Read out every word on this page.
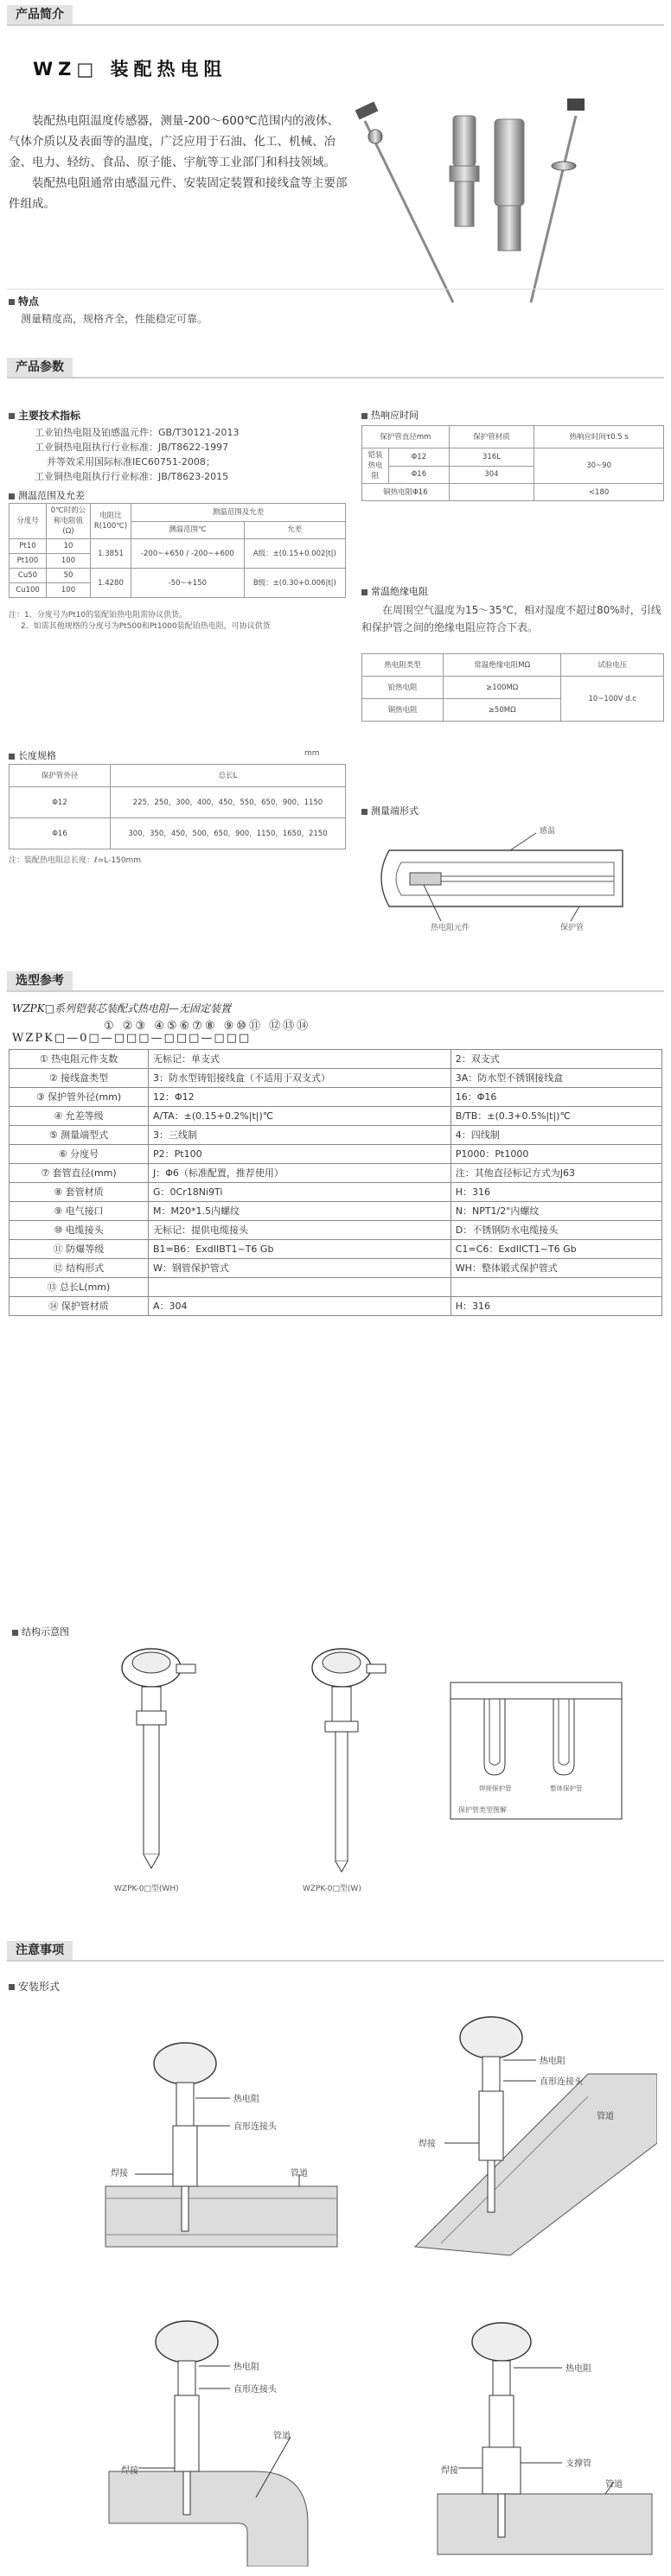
产品简介
WZ□ 装配热电阻

装配热电阻温度传感器，测量-200～600℃范围内的液体、气体介质以及表面等的温度，广泛应用于石油、化工、机械、冶金、电力、轻纺、食品、原子能、宇航等工业部门和科技领域。

装配热电阻通常由感温元件、安装固定装置和接线盒等主要部件组成。

特点
测量精度高，规格齐全，性能稳定可靠。
产品参数
主要技术指标
工业铂热电阻及铂感温元件：GB/T30121-2013
工业铜热电阻执行行业标准：JB/T8622-1997
并等效采用国际标准IEC60751-2008；
工业铜热电阻执行行业标准：JB/T8623-2015
测温范围及允差
分度号	0℃时的公称电阻值(Ω)	电阻比R(100℃)	测温范围及允差	
			测温范围℃	允差
Pt10	10	1.3851	-200~+650 / -200~+600	A级：±(0.15+0.002|t|)
Pt100	100			
Cu50	50	1.4280	-50~+150	B级：±(0.30+0.006|t|)
Cu100	100			
注：1、分度号为Pt10的装配铂热电阻需协议供货。
2、如需其他规格的分度号为Pt500和Pt1000装配铂热电阻，可协议供货
长度规格	mm
保护管外径	总长L
Φ12	225，250，300，400，450，550，650，900，1150
Φ16	300，350，450，500，650，900，1150，1650，2150
注：装配热电阻总长度：ℓ=L-150mm
热响应时间
保护管直径mm		保护管材质	热响应时间τ0.5 s
铠装热电阻	Φ12	316L	30~90
	Φ16	304	
铜热电阻Φ16			<180
常温绝缘电阻
在周围空气温度为15～35℃，相对湿度不超过80%时，引线和保护管之间的绝缘电阻应符合下表。
热电阻类型	常温绝缘电阻MΩ	试验电压
铂热电阻	≥100MΩ	10~100V d.c
铜热电阻	≥50MΩ	
测量端形式
感温
热电阻元件	保护管
选型参考
WZPK□系列铠装芯装配式热电阻—无固定装置
① ②③ ④⑤⑥⑦⑧ ⑨⑩⑪ ⑫⑬⑭
WZPK□—0□—□□□—□□□—□□□
① 热电阻元件支数	无标记：单支式	2：双支式
② 接线盒类型	3：防水型铸铝接线盒（不适用于双支式）	3A：防水型不锈钢接线盒
③ 保护管外径(mm)	12：Φ12	16：Φ16
④ 允差等级	A/TA：±(0.15+0.2%|t|)℃	B/TB：±(0.3+0.5%|t|)℃
⑤ 测量端型式	3：三线制	4：四线制
⑥ 分度号	P2：Pt100	P1000：Pt1000
⑦ 套管直径(mm)	J：Φ6（标准配置，推荐使用）	注：其他直径标记方式为J63
⑧ 套管材质	G：0Cr18Ni9Ti	H：316
⑨ 电气接口	M：M20*1.5内螺纹	N：NPT1/2"内螺纹
⑩ 电缆接头	无标记：提供电缆接头	D：不锈钢防水电缆接头
⑪ 防爆等级	B1=B6：ExdIIBT1~T6 Gb	C1=C6：ExdIICT1~T6 Gb
⑫ 结构形式	W：钢管保护管式	WH：整体锻式保护管式
⑬ 总长L(mm)		
⑭ 保护管材质	A：304	H：316
结构示意图
WZPK-0□型(WH)	WZPK-0□型(W)
焊接保护管	整体保护管
保护管类型图解
注意事项
安装形式
热电阻
直形连接头
焊接	管道
热电阻
直形连接头
焊接
管道
热电阻
直形连接头
管道
焊接
热电阻
焊接
支撑管
管道
